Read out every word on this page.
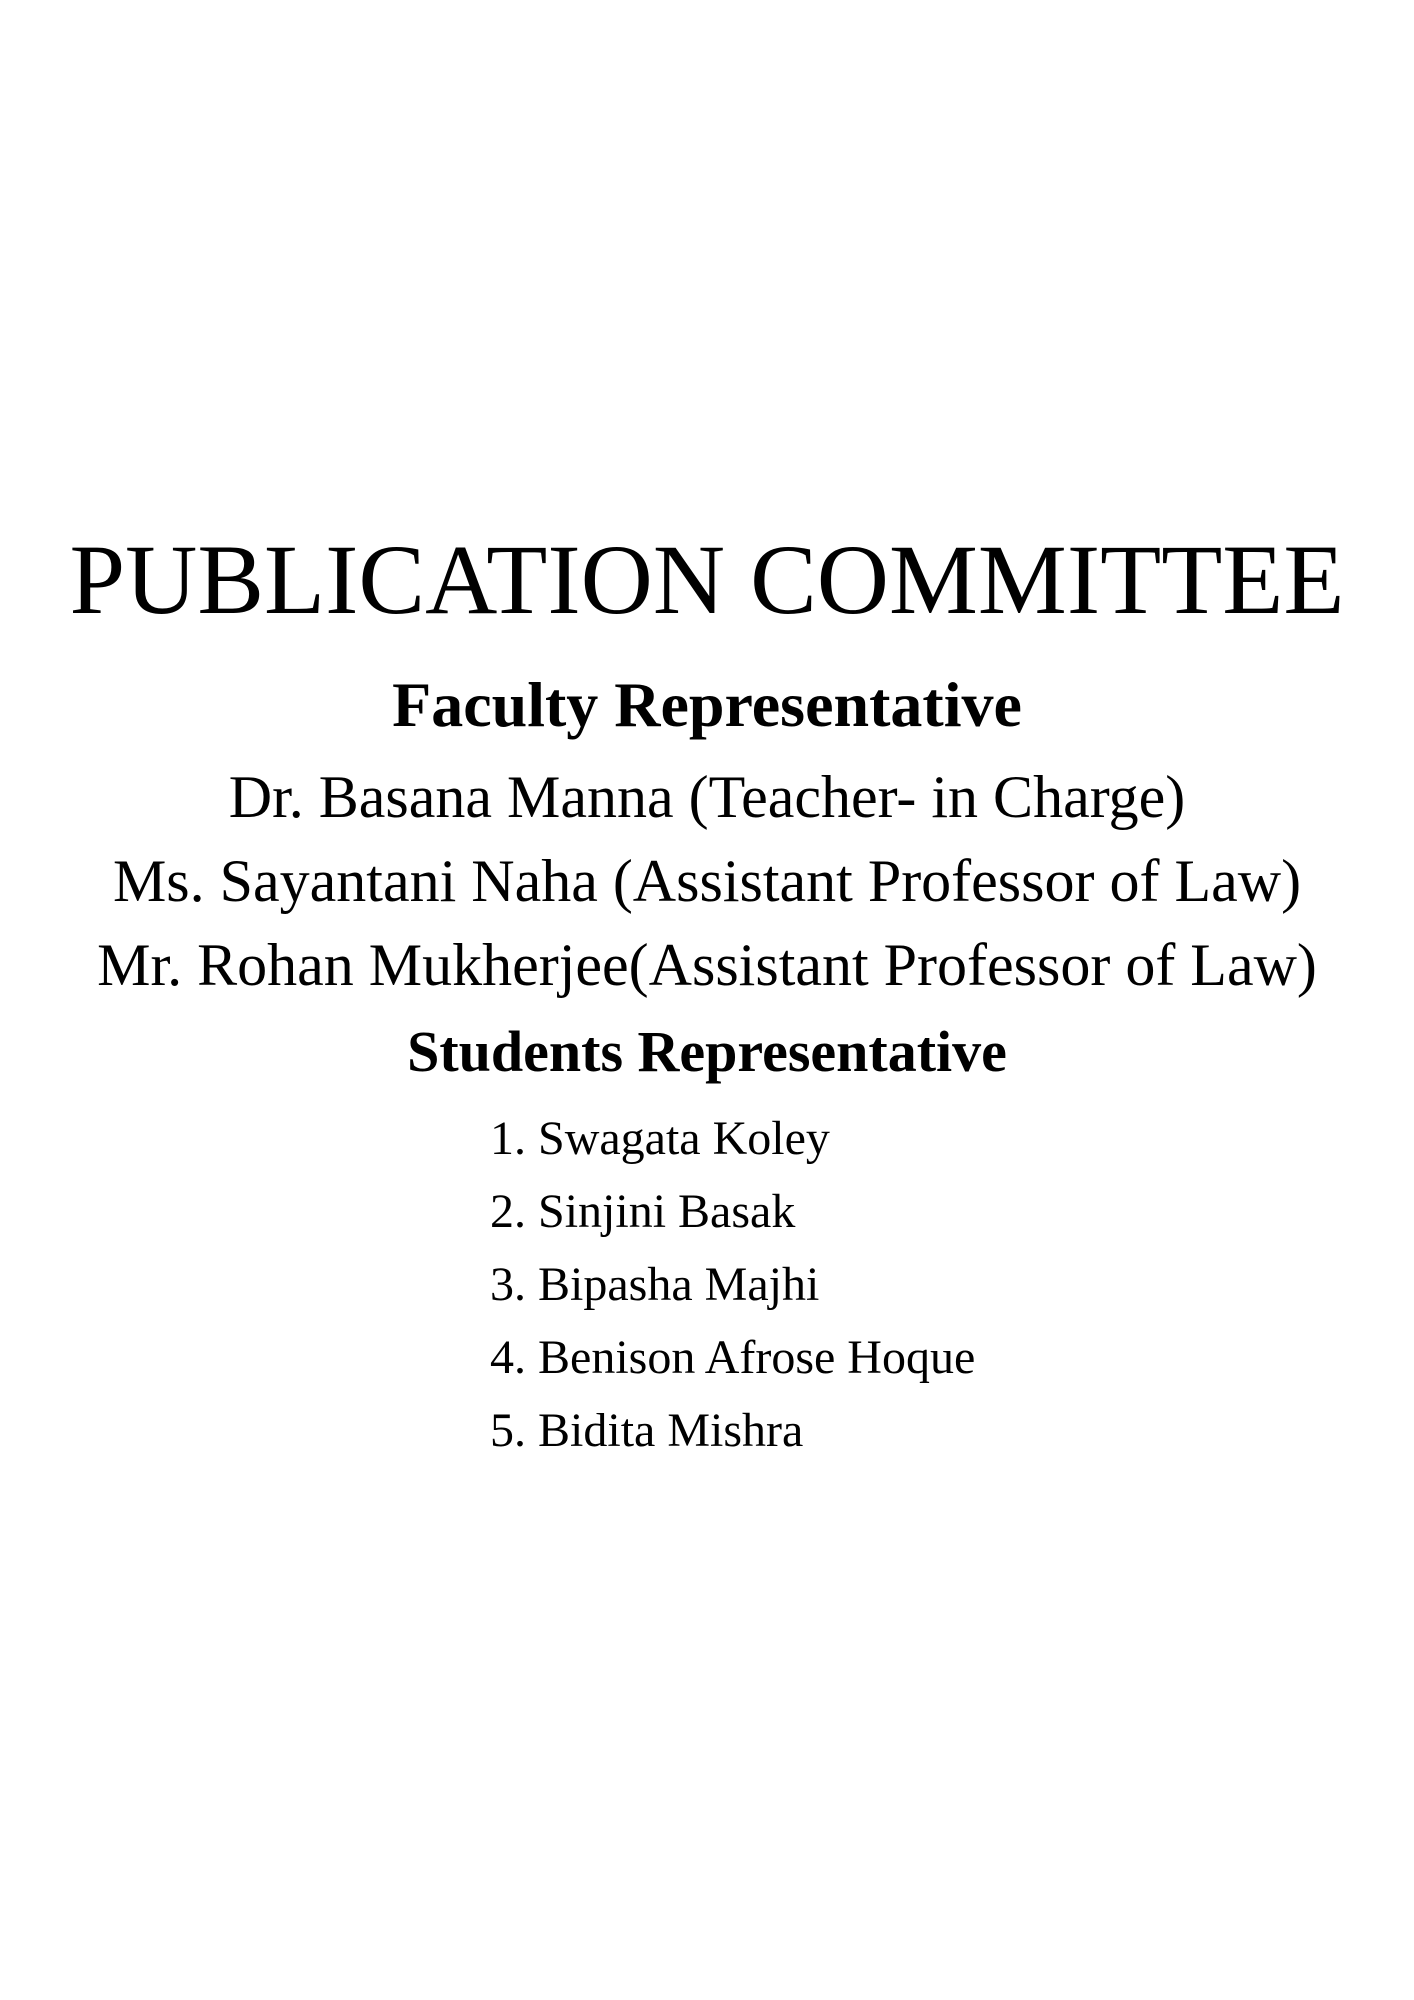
PUBLICATION COMMITTEE
Faculty Representative
Dr. Basana Manna (Teacher- in Charge)
Ms. Sayantani Naha (Assistant Professor of Law)
Mr. Rohan Mukherjee(Assistant Professor of Law)
Students Representative
1. Swagata Koley
2. Sinjini Basak
3. Bipasha Majhi
4. Benison Afrose Hoque
5. Bidita Mishra
